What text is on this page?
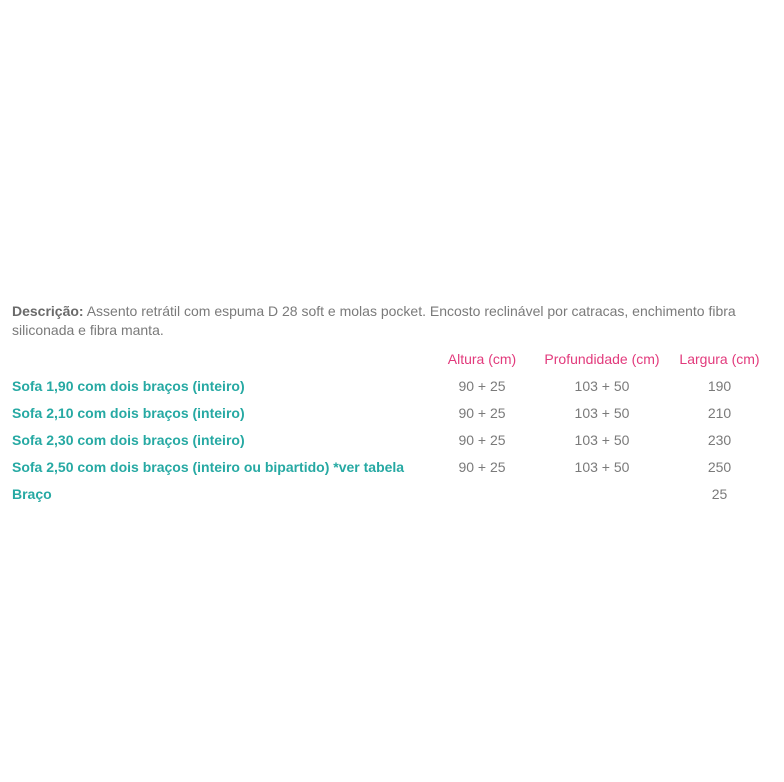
Descrição: Assento retrátil com espuma D 28 soft e molas pocket. Encosto reclinável por catracas, enchimento fibra siliconada e fibra manta.
	Altura (cm)	Profundidade (cm)	Largura (cm)
Sofa 1,90 com dois braços (inteiro)	90 + 25	103 + 50	190
Sofa 2,10 com dois braços (inteiro)	90 + 25	103 + 50	210
Sofa 2,30 com dois braços (inteiro)	90 + 25	103 + 50	230
Sofa 2,50 com dois braços (inteiro ou bipartido) *ver tabela	90 + 25	103 + 50	250
Braço			25
